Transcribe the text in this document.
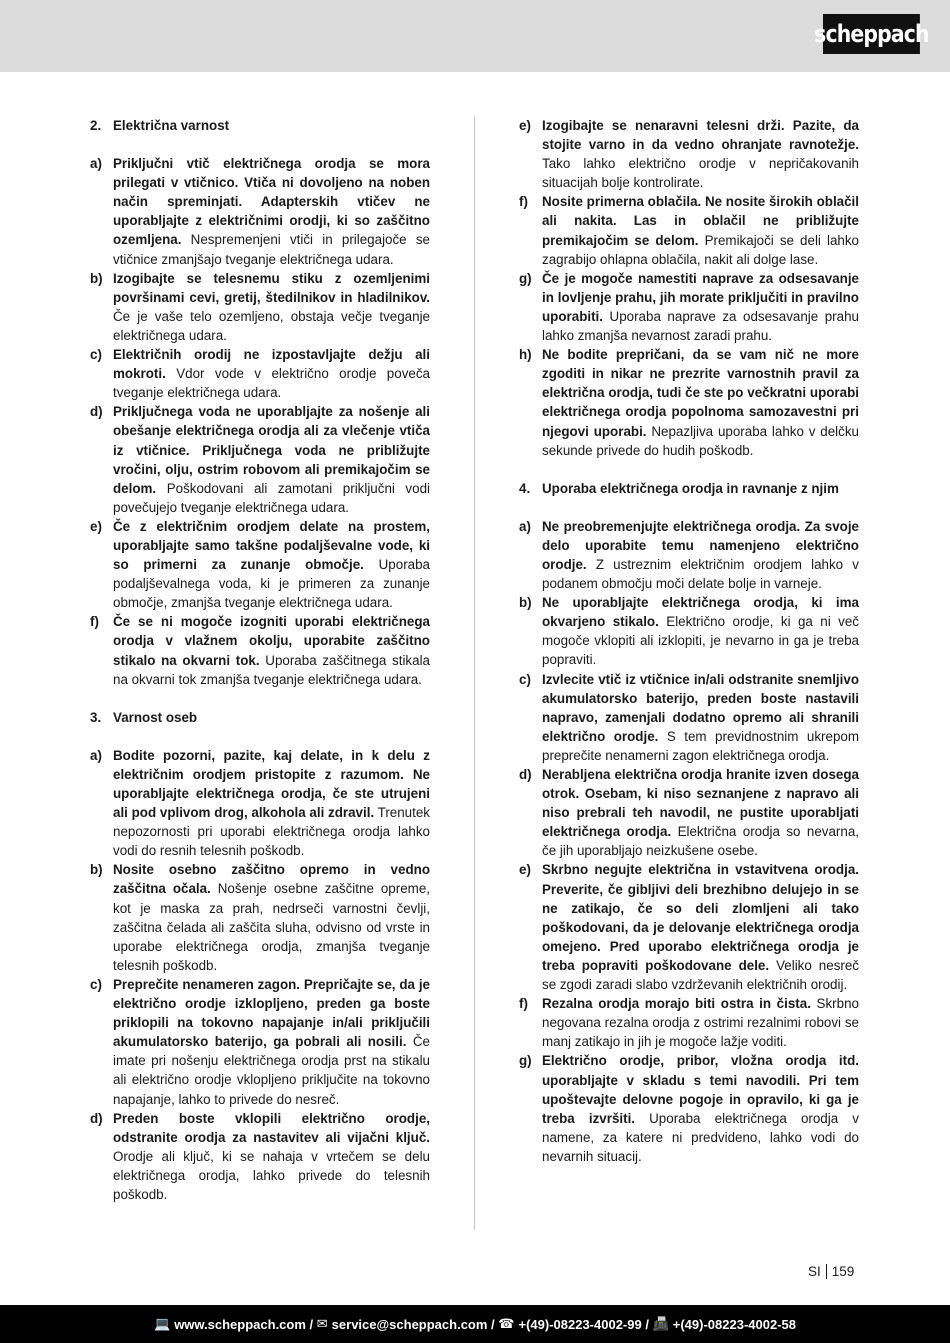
scheppach
2. Električna varnost
a) Priključni vtič električnega orodja se mora prilegati v vtičnico. Vtiča ni dovoljeno na noben način spreminjati. Adapterskih vtičev ne uporabljajte z električnimi orodji, ki so zaščitno ozemljena. Nespremenjeni vtiči in prilegajoče se vtičnice zmanjšajo tveganje električnega udara.
b) Izogibajte se telesnemu stiku z ozemljenimi površinami cevi, gretij, štedilnikov in hladilnikov. Če je vaše telo ozemljeno, obstaja večje tveganje električnega udara.
c) Električnih orodij ne izpostavljajte dežju ali mokroti. Vdor vode v električno orodje poveča tveganje električnega udara.
d) Priključnega voda ne uporabljajte za nošenje ali obešanje električnega orodja ali za vlečenje vtiča iz vtičnice. Priključnega voda ne približujte vročini, olju, ostrim robovom ali premikajočim se delom. Poškodovani ali zamotani priključni vodi povečujejo tveganje električnega udara.
e) Če z električnim orodjem delate na prostem, uporabljajte samo takšne podaljševalne vode, ki so primerni za zunanje območje. Uporaba podaljševalnega voda, ki je primeren za zunanje območje, zmanjša tveganje električnega udara.
f)	Če se ni mogoče izogniti uporabi električnega orodja v vlažnem okolju, uporabite zaščitno stikalo na okvarni tok. Uporaba zaščitnega stikala na okvarni tok zmanjša tveganje električnega udara.
3. Varnost oseb
a) Bodite pozorni, pazite, kaj delate, in k delu z električnim orodjem pristopite z razumom. Ne uporabljajte električnega orodja, če ste utrujeni ali pod vplivom drog, alkohola ali zdravil. Trenutek nepozornosti pri uporabi električnega orodja lahko vodi do resnih telesnih poškodb.
b) Nosite osebno zaščitno opremo in vedno zaščitna očala. Nošenje osebne zaščitne opreme, kot je maska za prah, nedrseči varnostni čevlji, zaščitna čelada ali zaščita sluha, odvisno od vrste in uporabe električnega orodja, zmanjša tveganje telesnih poškodb.
c) Preprečite nenameren zagon. Prepričajte se, da je električno orodje izklopljeno, preden ga boste priklopili na tokovno napajanje in/ali priključili akumulatorsko baterijo, ga pobrali ali nosili. Če imate pri nošenju električnega orodja prst na stikalu ali električno orodje vklopljeno priključite na tokovno napajanje, lahko to privede do nesreč.
d) Preden boste vklopili električno orodje, odstranite orodja za nastavitev ali vijačni ključ. Orodje ali ključ, ki se nahaja v vrtečem se delu električnega orodja, lahko privede do telesnih poškodb.
e) Izogibajte se nenaravni telesni drži. Pazite, da stojite varno in da vedno ohranjate ravnotežje. Tako lahko električno orodje v nepričakovanih situacijah bolje kontrolirate.
f)	Nosite primerna oblačila. Ne nosite širokih oblačil ali nakita. Las in oblačil ne približujte premikajočim se delom. Premikajoči se deli lahko zagrabijo ohlapna oblačila, nakit ali dolge lase.
g) Če je mogoče namestiti naprave za odsesavanje in lovljenje prahu, jih morate priključiti in pravilno uporabiti. Uporaba naprave za odsesavanje prahu lahko zmanjša nevarnost zaradi prahu.
h) Ne bodite prepričani, da se vam nič ne more zgoditi in nikar ne prezrite varnostnih pravil za električna orodja, tudi če ste po večkratni uporabi električnega orodja popolnoma samozavestni pri njegovi uporabi. Nepazljiva uporaba lahko v delčku sekunde privede do hudih poškodb.
4. Uporaba električnega orodja in ravnanje z njim
a) Ne preobremenjujte električnega orodja. Za svoje delo uporabite temu namenjeno električno orodje. Z ustreznim električnim orodjem lahko v podanem območju moči delate bolje in varneje.
b) Ne uporabljajte električnega orodja, ki ima okvarjeno stikalo. Električno orodje, ki ga ni več mogoče vklopiti ali izklopiti, je nevarno in ga je treba popraviti.
c) Izvlecite vtič iz vtičnice in/ali odstranite snemljivo akumulatorsko baterijo, preden boste nastavili napravo, zamenjali dodatno opremo ali shranili električno orodje. S tem previdnostnim ukrepom preprečite nenamerni zagon električnega orodja.
d) Nerabljena električna orodja hranite izven dosega otrok. Osebam, ki niso seznanjene z napravo ali niso prebrali teh navodil, ne pustite uporabljati električnega orodja. Električna orodja so nevarna, če jih uporabljajo neizkušene osebe.
e) Skrbno negujte električna in vstavitvena orodja. Preverite, če gibljivi deli brezhibno delujejo in se ne zatikajo, če so deli zlomljeni ali tako poškodovani, da je delovanje električnega orodja omejeno. Pred uporabo električnega orodja je treba popraviti poškodovane dele. Veliko nesreč se zgodi zaradi slabo vzdrževanih električnih orodij.
f)	Rezalna orodja morajo biti ostra in čista. Skrbno negovana rezalna orodja z ostrimi rezalnimi robovi se manj zatikajo in jih je mogoče lažje voditi.
g) Električno orodje, pribor, vložna orodja itd. uporabljajte v skladu s temi navodili. Pri tem upoštevajte delovne pogoje in opravilo, ki ga je treba izvršiti. Uporaba električnega orodja v namene, za katere ni predvideno, lahko vodi do nevarnih situacij.
SI 159
💻 www.scheppach.com /
✉ service@scheppach.com /
☎ +(49)-08223-4002-99 /
📠 +(49)-08223-4002-58
